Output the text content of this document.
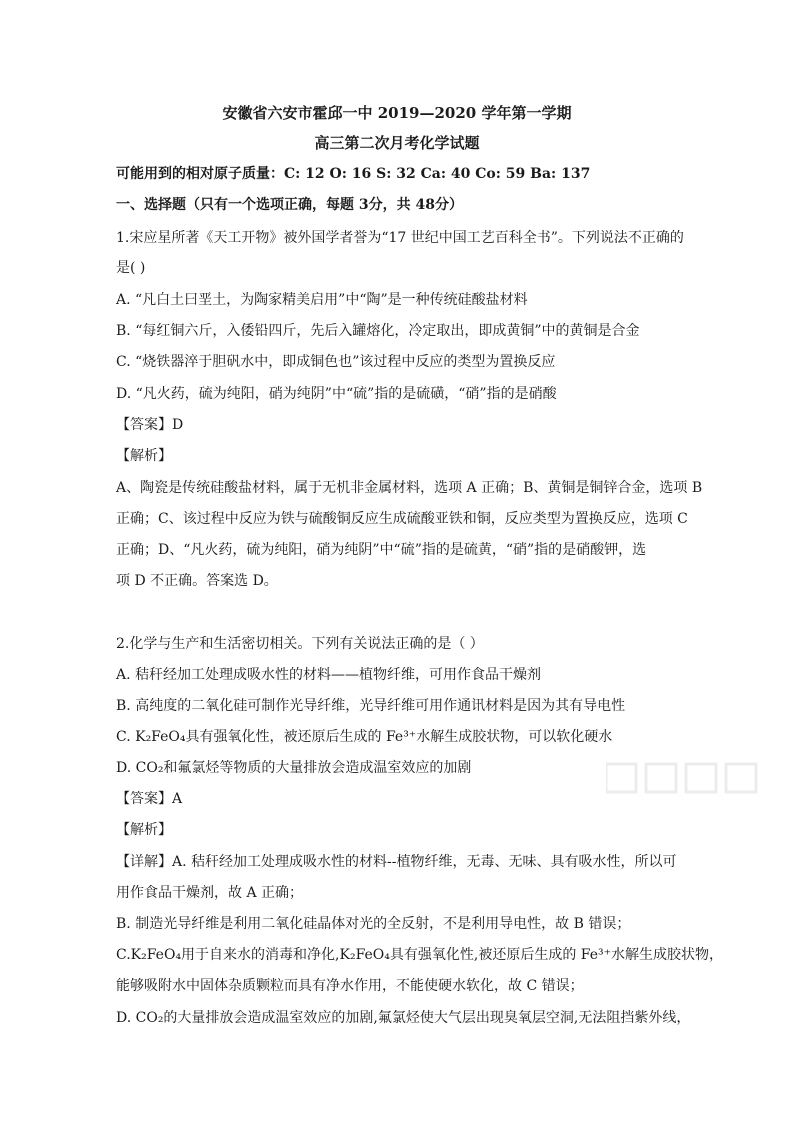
安徽省六安市霍邱一中 2019—2020 学年第一学期
高三第二次月考化学试题
可能用到的相对原子质量：C: 12 O: 16 S: 32 Ca: 40 Co: 59 Ba: 137
一、选择题（只有一个选项正确，每题 3分，共 48分）
1.宋应星所著《天工开物》被外国学者誉为“17 世纪中国工艺百科全书”。下列说法不正确的
是( )
A. “凡白土曰垩土，为陶家精美启用”中“陶”是一种传统硅酸盐材料
B. “每红铜六斤，入倭铅四斤，先后入罐熔化，冷定取出，即成黄铜”中的黄铜是合金
C. “烧铁器淬于胆矾水中，即成铜色也”该过程中反应的类型为置换反应
D. “凡火药，硫为纯阳，硝为纯阴”中“硫”指的是硫磺，“硝”指的是硝酸
【答案】D
【解析】
A、陶瓷是传统硅酸盐材料，属于无机非金属材料，选项 A 正确；B、黄铜是铜锌合金，选项 B
正确；C、该过程中反应为铁与硫酸铜反应生成硫酸亚铁和铜，反应类型为置换反应，选项 C
正确；D、“凡火药，硫为纯阳，硝为纯阴”中“硫”指的是硫黄，“硝”指的是硝酸钾，选
项 D 不正确。答案选 D。
2.化学与生产和生活密切相关。下列有关说法正确的是（ ）
A. 秸秆经加工处理成吸水性的材料——植物纤维，可用作食品干燥剂
B. 高纯度的二氧化硅可制作光导纤维，光导纤维可用作通讯材料是因为其有导电性
C. K₂FeO₄具有强氧化性，被还原后生成的 Fe³⁺水解生成胶状物，可以软化硬水
D. CO₂和氟氯烃等物质的大量排放会造成温室效应的加剧
【答案】A
【解析】
【详解】A. 秸秆经加工处理成吸水性的材料--植物纤维，无毒、无味、具有吸水性，所以可
用作食品干燥剂，故 A 正确；
B. 制造光导纤维是利用二氧化硅晶体对光的全反射，不是利用导电性，故 B 错误；
C.K₂FeO₄用于自来水的消毒和净化,K₂FeO₄具有强氧化性,被还原后生成的 Fe³⁺水解生成胶状物，
能够吸附水中固体杂质颗粒而具有净水作用，不能使硬水软化，故 C 错误；
D. CO₂的大量排放会造成温室效应的加剧,氟氯烃使大气层出现臭氧层空洞,无法阻挡紫外线，
